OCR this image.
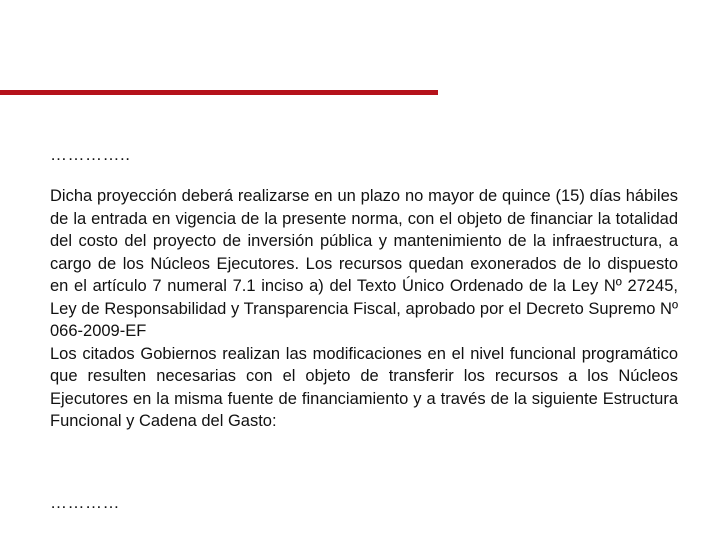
…………..

Dicha proyección deberá realizarse en un plazo no mayor de quince (15) días hábiles de la entrada en vigencia de la presente norma, con el objeto de financiar la totalidad del costo del proyecto de inversión pública y mantenimiento de la infraestructura, a cargo de los Núcleos Ejecutores. Los recursos quedan exonerados de lo dispuesto en el artículo 7 numeral 7.1 inciso a) del Texto Único Ordenado de la Ley Nº 27245, Ley de Responsabilidad y Transparencia Fiscal, aprobado por el Decreto Supremo Nº 066‐2009‐EF

Los citados Gobiernos realizan las modificaciones en el nivel funcional programático que resulten necesarias con el objeto de transferir los recursos a los Núcleos Ejecutores en la misma fuente de financiamiento y a través de la siguiente Estructura Funcional y Cadena del Gasto:

…………
